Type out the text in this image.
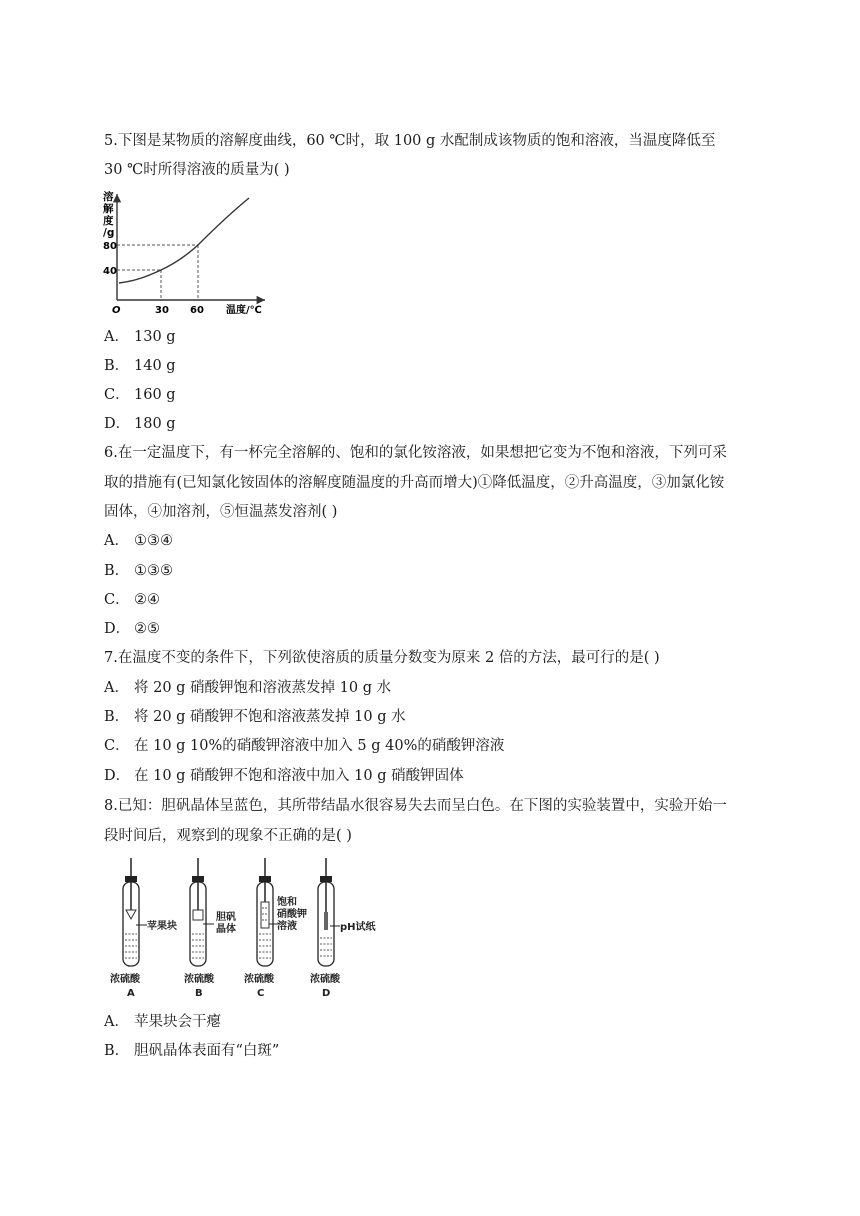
5.下图是某物质的溶解度曲线，60 ℃时，取 100 g 水配制成该物质的饱和溶液，当温度降低至
30 ℃时所得溶液的质量为( )
溶
解
度
/g
80
40
O	30 60 温度/℃
A． 130 g
B． 140 g
C． 160 g
D． 180 g
6.在一定温度下，有一杯完全溶解的、饱和的氯化铵溶液，如果想把它变为不饱和溶液，下列可采
取的措施有(已知氯化铵固体的溶解度随温度的升高而增大)①降低温度，②升高温度，③加氯化铵
固体，④加溶剂，⑤恒温蒸发溶剂( )
A． ①③④
B． ①③⑤
C． ②④
D． ②⑤
7.在温度不变的条件下，下列欲使溶质的质量分数变为原来 2 倍的方法，最可行的是( )
A． 将 20 g 硝酸钾饱和溶液蒸发掉 10 g 水
B． 将 20 g 硝酸钾不饱和溶液蒸发掉 10 g 水
C． 在 10 g 10%的硝酸钾溶液中加入 5 g 40%的硝酸钾溶液
D． 在 10 g 硝酸钾不饱和溶液中加入 10 g 硝酸钾固体
8.已知：胆矾晶体呈蓝色，其所带结晶水很容易失去而呈白色。在下图的实验装置中，实验开始一
段时间后，观察到的现象不正确的是( )
苹果块
浓硫酸
A
胆矾
晶体
浓硫酸
B
饱和
硝酸钾
溶液
浓硫酸
C
pH试纸
浓硫酸
D
A． 苹果块会干瘪
B． 胆矾晶体表面有“白斑”
